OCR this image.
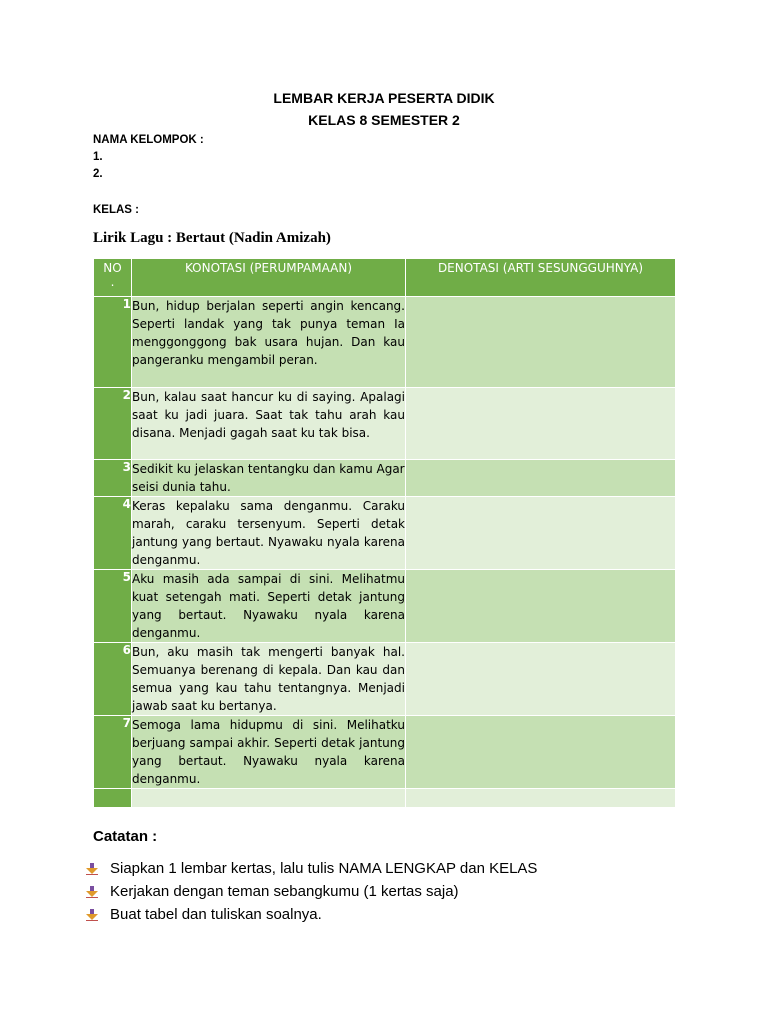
LEMBAR KERJA PESERTA DIDIK
KELAS 8 SEMESTER 2
NAMA KELOMPOK :
1.
2.
KELAS :
Lirik Lagu : Bertaut (Nadin Amizah)
NO .	KONOTASI (PERUMPAMAAN)	DENOTASI (ARTI SESUNGGUHNYA)
1	Bun, hidup berjalan seperti angin kencang. Seperti landak yang tak punya teman Ia menggonggong bak usara hujan. Dan kau pangeranku mengambil peran.	
2	Bun, kalau saat hancur ku di saying. Apalagi saat ku jadi juara. Saat tak tahu arah kau disana. Menjadi gagah saat ku tak bisa.	
3	Sedikit ku jelaskan tentangku dan kamu Agar seisi dunia tahu.	
4	Keras kepalaku sama denganmu. Caraku marah, caraku tersenyum. Seperti detak jantung yang bertaut. Nyawaku nyala karena denganmu.	
5	Aku masih ada sampai di sini. Melihatmu kuat setengah mati. Seperti detak jantung yang bertaut. Nyawaku nyala karena denganmu.	
6	Bun, aku masih tak mengerti banyak hal. Semuanya berenang di kepala. Dan kau dan semua yang kau tahu tentangnya. Menjadi jawab saat ku bertanya.	
7	Semoga lama hidupmu di sini. Melihatku berjuang sampai akhir. Seperti detak jantung yang bertaut. Nyawaku nyala karena denganmu.	

Catatan :
Siapkan 1 lembar kertas, lalu tulis NAMA LENGKAP dan KELAS
Kerjakan dengan teman sebangkumu (1 kertas saja)
Buat tabel dan tuliskan soalnya.
